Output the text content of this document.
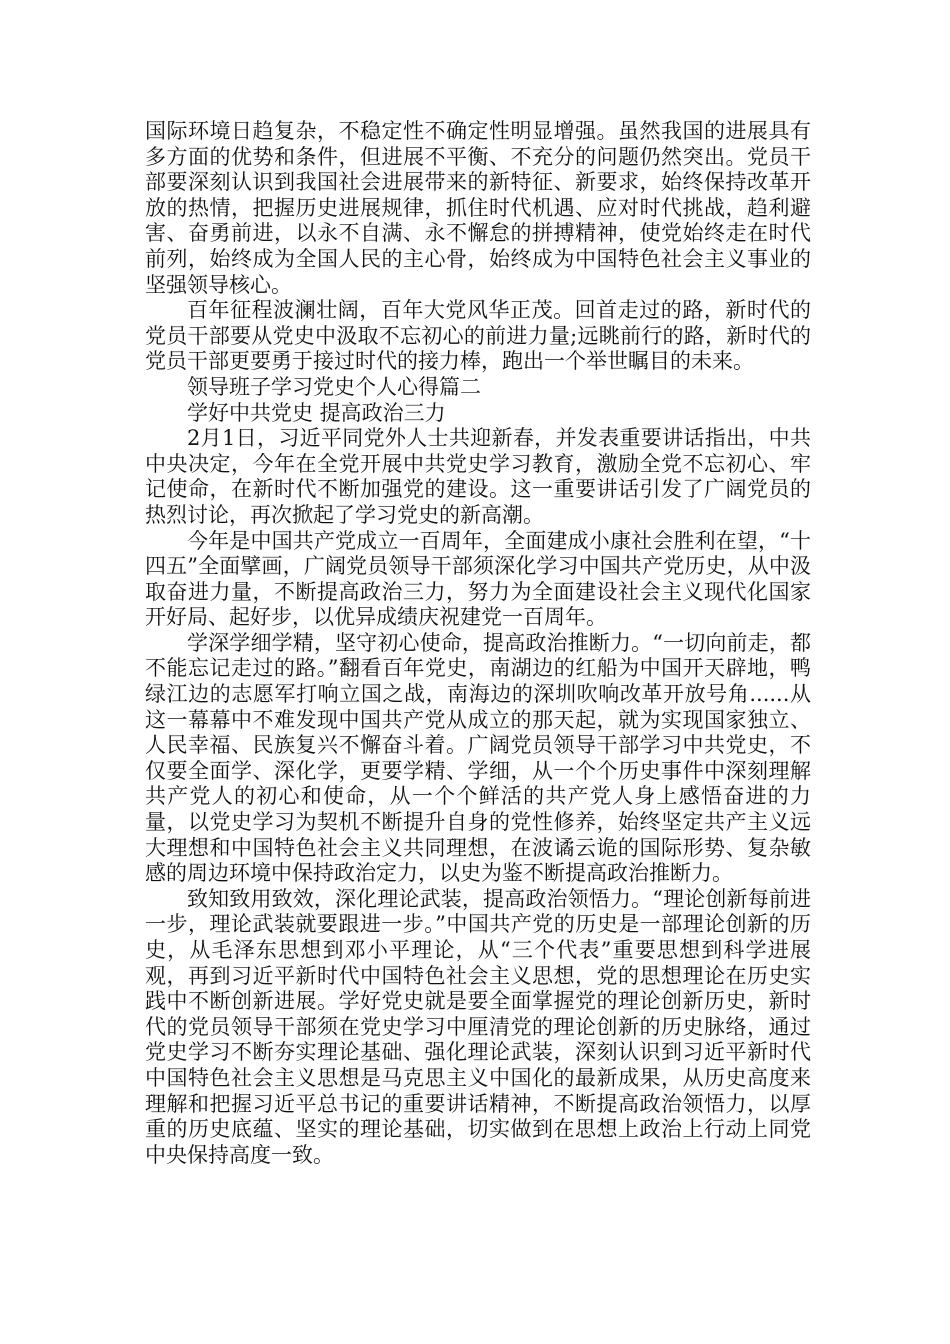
国际环境日趋复杂，不稳定性不确定性明显增强。虽然我国的进展具有多方面的优势和条件，但进展不平衡、不充分的问题仍然突出。党员干部要深刻认识到我国社会进展带来的新特征、新要求，始终保持改革开放的热情，把握历史进展规律，抓住时代机遇、应对时代挑战，趋利避害、奋勇前进，以永不自满、永不懈怠的拼搏精神，使党始终走在时代前列，始终成为全国人民的主心骨，始终成为中国特色社会主义事业的坚强领导核心。

百年征程波澜壮阔，百年大党风华正茂。回首走过的路，新时代的党员干部要从党史中汲取不忘初心的前进力量;远眺前行的路，新时代的党员干部更要勇于接过时代的接力棒，跑出一个举世瞩目的未来。

领导班子学习党史个人心得篇二

学好中共党史 提高政治三力

2月1日，习近平同党外人士共迎新春，并发表重要讲话指出，中共中央决定，今年在全党开展中共党史学习教育，激励全党不忘初心、牢记使命，在新时代不断加强党的建设。这一重要讲话引发了广阔党员的热烈讨论，再次掀起了学习党史的新高潮。

今年是中国共产党成立一百周年，全面建成小康社会胜利在望，“十四五”全面擘画，广阔党员领导干部须深化学习中国共产党历史，从中汲取奋进力量，不断提高政治三力，努力为全面建设社会主义现代化国家开好局、起好步，以优异成绩庆祝建党一百周年。

学深学细学精，坚守初心使命，提高政治推断力。“一切向前走，都不能忘记走过的路。”翻看百年党史，南湖边的红船为中国开天辟地，鸭绿江边的志愿军打响立国之战，南海边的深圳吹响改革开放号角......从这一幕幕中不难发现中国共产党从成立的那天起，就为实现国家独立、人民幸福、民族复兴不懈奋斗着。广阔党员领导干部学习中共党史，不仅要全面学、深化学，更要学精、学细，从一个个历史事件中深刻理解共产党人的初心和使命，从一个个鲜活的共产党人身上感悟奋进的力量，以党史学习为契机不断提升自身的党性修养，始终坚定共产主义远大理想和中国特色社会主义共同理想，在波谲云诡的国际形势、复杂敏感的周边环境中保持政治定力，以史为鉴不断提高政治推断力。

致知致用致效，深化理论武装，提高政治领悟力。“理论创新每前进一步，理论武装就要跟进一步。”中国共产党的历史是一部理论创新的历史，从毛泽东思想到邓小平理论，从“三个代表”重要思想到科学进展观，再到习近平新时代中国特色社会主义思想，党的思想理论在历史实践中不断创新进展。学好党史就是要全面掌握党的理论创新历史，新时代的党员领导干部须在党史学习中厘清党的理论创新的历史脉络，通过党史学习不断夯实理论基础、强化理论武装，深刻认识到习近平新时代中国特色社会主义思想是马克思主义中国化的最新成果，从历史高度来理解和把握习近平总书记的重要讲话精神，不断提高政治领悟力，以厚重的历史底蕴、坚实的理论基础，切实做到在思想上政治上行动上同党中央保持高度一致。
